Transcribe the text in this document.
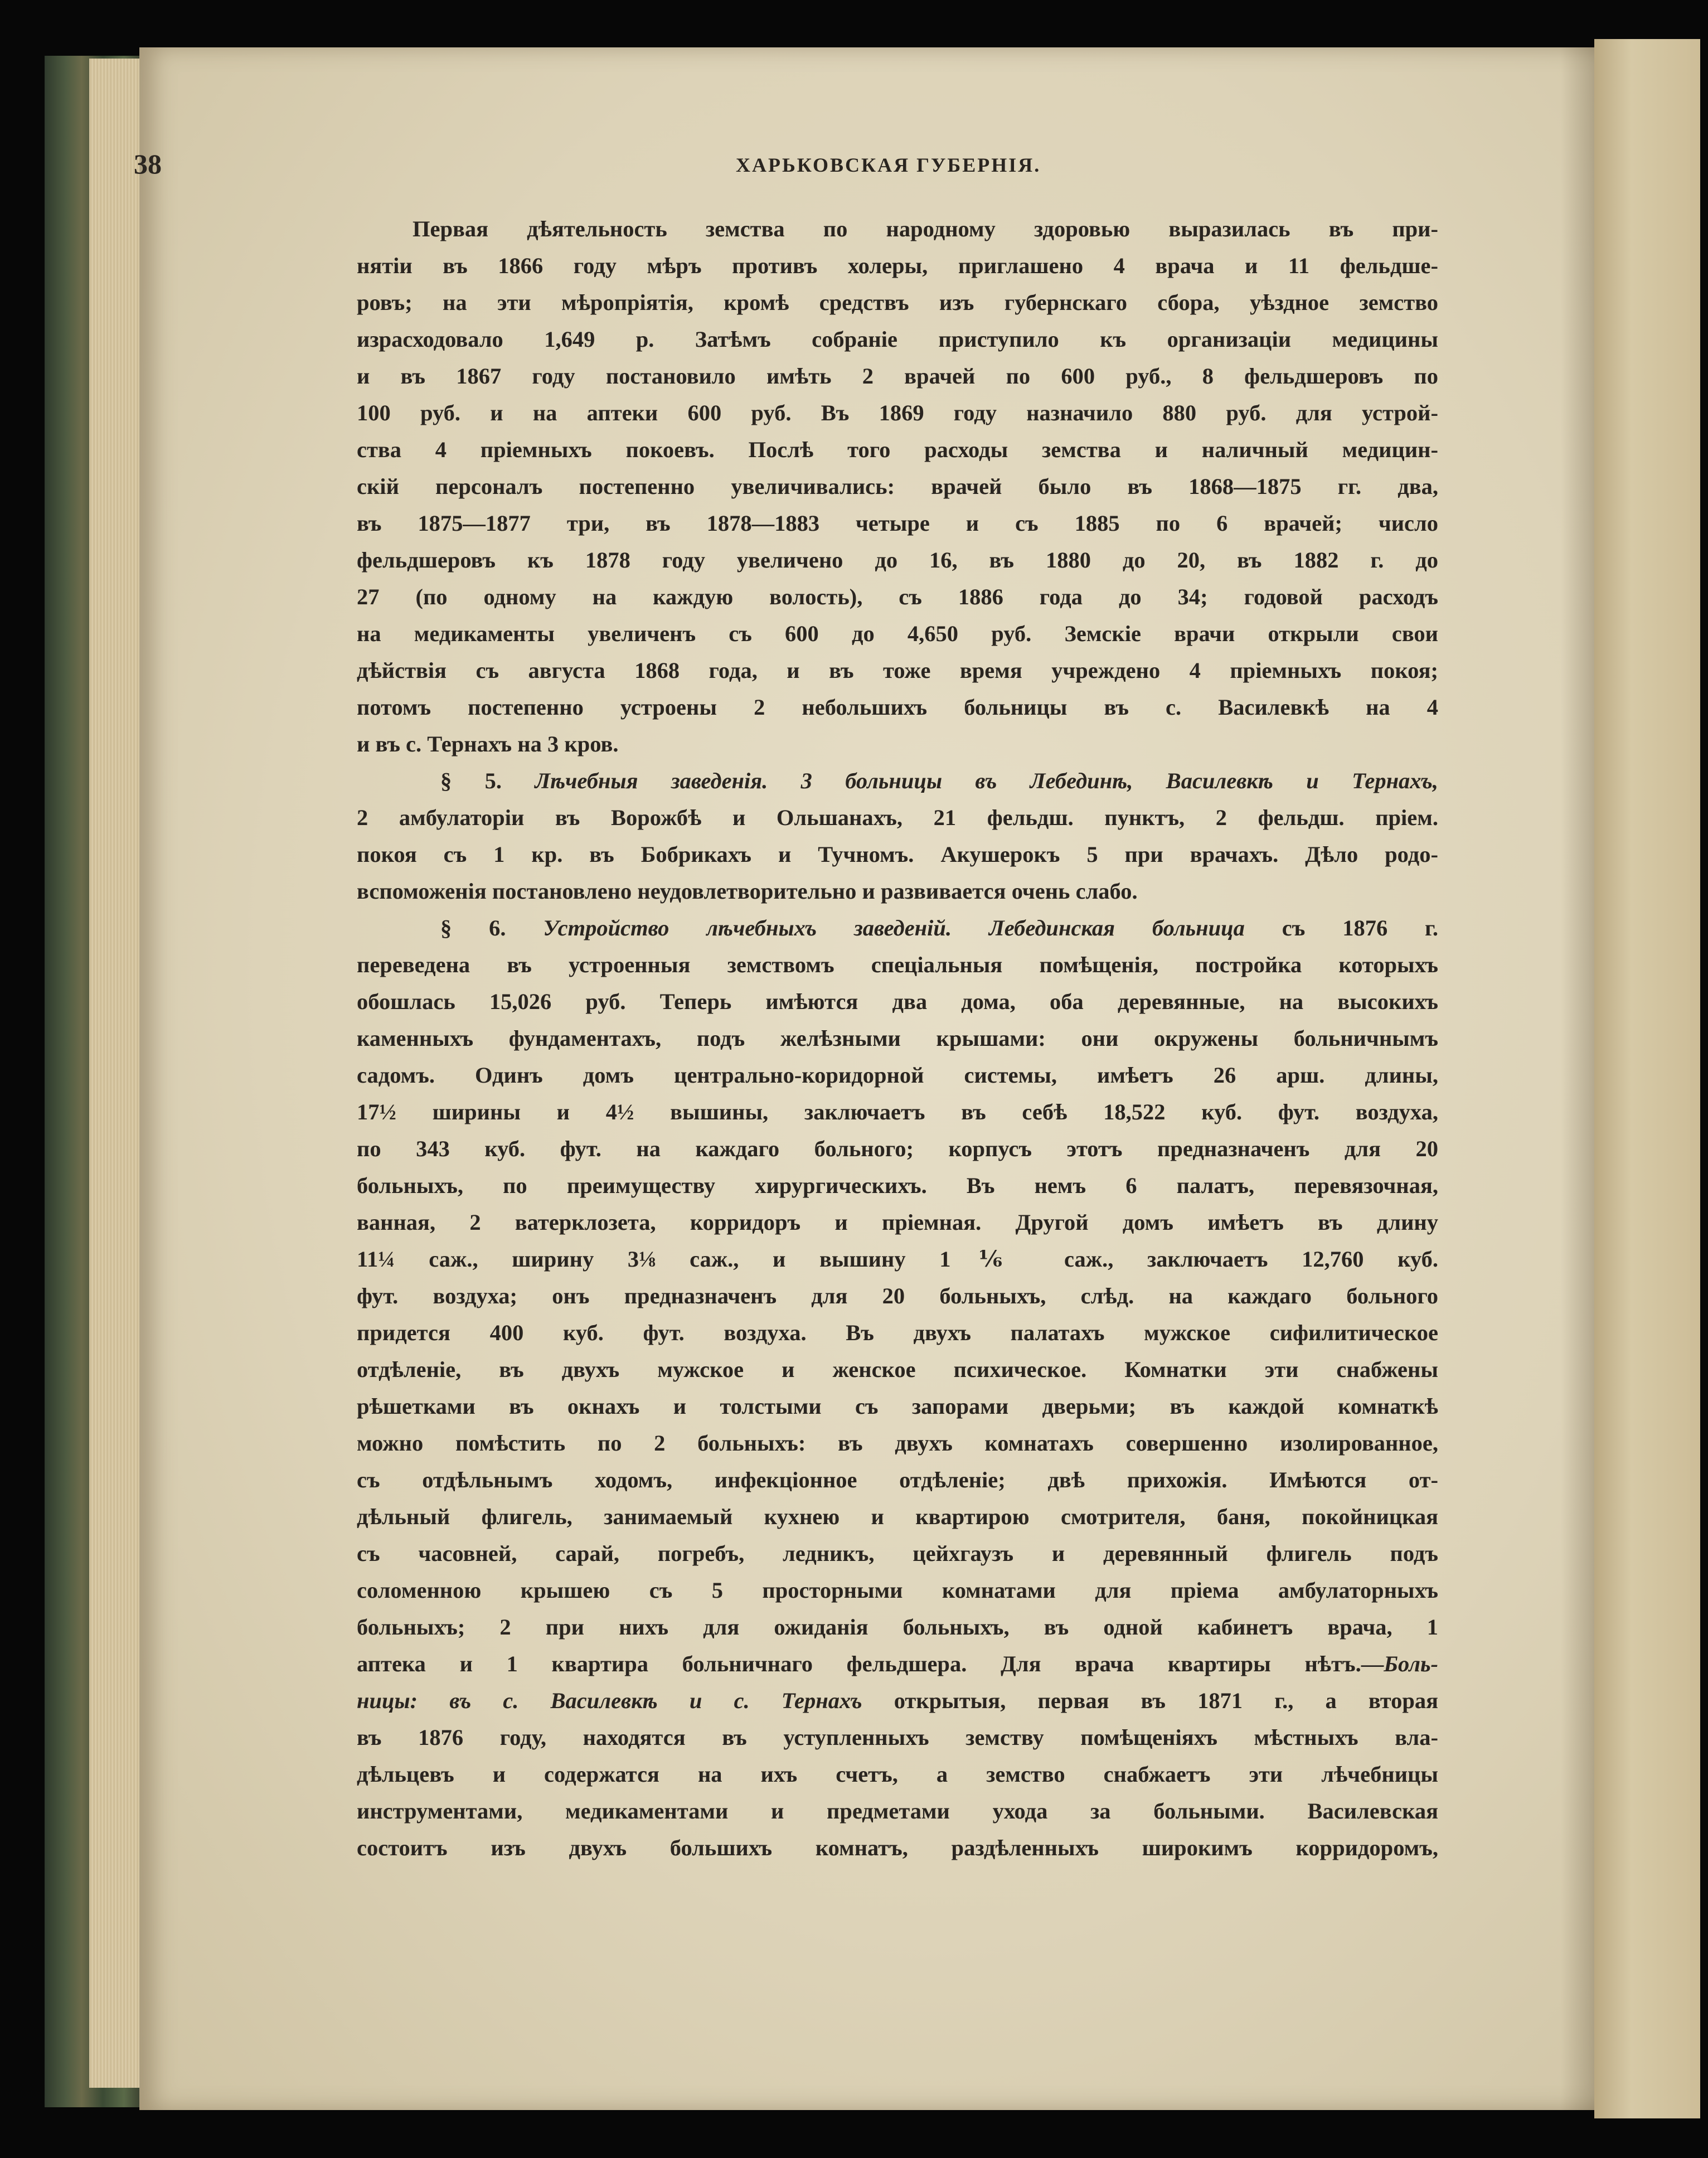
38	ХАРЬКОВСКАЯ ГУБЕРНІЯ.
Первая дѣятельность земства по народному здоровью выразилась въ при-
нятіи въ 1866 году мѣръ противъ холеры, приглашено 4 врача и 11 фельдше-
ровъ; на эти мѣропріятія, кромѣ средствъ изъ губернскаго сбора, уѣздное земство
израсходовало 1,649 р. Затѣмъ собраніе приступило къ организаціи медицины
и въ 1867 году постановило имѣть 2 врачей по 600 руб., 8 фельдшеровъ по
100 руб. и на аптеки 600 руб. Въ 1869 году назначило 880 руб. для устрой-
ства 4 пріемныхъ покоевъ. Послѣ того расходы земства и наличный медицин-
скій персоналъ постепенно увеличивались: врачей было въ 1868—1875 гг. два,
въ 1875—1877 три, въ 1878—1883 четыре и съ 1885 по 6 врачей; число
фельдшеровъ къ 1878 году увеличено до 16, въ 1880 до 20, въ 1882 г. до
27 (по одному на каждую волость), съ 1886 года до 34; годовой расходъ
на медикаменты увеличенъ съ 600 до 4,650 руб. Земскіе врачи открыли свои
дѣйствія съ августа 1868 года, и въ тоже время учреждено 4 пріемныхъ покоя;
потомъ постепенно устроены 2 небольшихъ больницы въ с. Василевкѣ на 4
и въ с. Тернахъ на 3 кров.
§ 5. Лѣчебныя заведенія. 3 больницы въ Лебединѣ, Василевкѣ и Тернахъ,
2 амбулаторіи въ Ворожбѣ и Ольшанахъ, 21 фельдш. пунктъ, 2 фельдш. пріем.
покоя съ 1 кр. въ Бобрикахъ и Тучномъ. Акушерокъ 5 при врачахъ. Дѣло родо-
вспоможенія постановлено неудовлетворительно и развивается очень слабо.
§ 6. Устройство лѣчебныхъ заведеній. Лебединская больница съ 1876 г.
переведена въ устроенныя земствомъ спеціальныя помѣщенія, постройка которыхъ
обошлась 15,026 руб. Теперь имѣются два дома, оба деревянные, на высокихъ
каменныхъ фундаментахъ, подъ желѣзными крышами: они окружены больничнымъ
садомъ. Одинъ домъ центрально-коридорной системы, имѣетъ 26 арш. длины,
17½ ширины и 4½ вышины, заключаетъ въ себѣ 18,522 куб. фут. воздуха,
по 343 куб. фут. на каждаго больного; корпусъ этотъ предназначенъ для 20
больныхъ, по преимуществу хирургическихъ. Въ немъ 6 палатъ, перевязочная,
ванная, 2 ватерклозета, корридоръ и пріемная. Другой домъ имѣетъ въ длину
11¼ саж., ширину 3⅛ саж., и вышину 1⅙ саж., заключаетъ 12,760 куб.
фут. воздуха; онъ предназначенъ для 20 больныхъ, слѣд. на каждаго больного
придется 400 куб. фут. воздуха. Въ двухъ палатахъ мужское сифилитическое
отдѣленіе, въ двухъ мужское и женское психическое. Комнатки эти снабжены
рѣшетками въ окнахъ и толстыми съ запорами дверьми; въ каждой комнаткѣ
можно помѣстить по 2 больныхъ: въ двухъ комнатахъ совершенно изолированное,
съ отдѣльнымъ ходомъ, инфекціонное отдѣленіе; двѣ прихожія. Имѣются от-
дѣльный флигель, занимаемый кухнею и квартирою смотрителя, баня, покойницкая
съ часовней, сарай, погребъ, ледникъ, цейхгаузъ и деревянный флигель подъ
соломенною крышею съ 5 просторными комнатами для пріема амбулаторныхъ
больныхъ; 2 при нихъ для ожиданія больныхъ, въ одной кабинетъ врача, 1
аптека и 1 квартира больничнаго фельдшера. Для врача квартиры нѣтъ.—Боль-
ницы: въ с. Василевкѣ и с. Тернахъ открытыя, первая въ 1871 г., а вторая
въ 1876 году, находятся въ уступленныхъ земству помѣщеніяхъ мѣстныхъ вла-
дѣльцевъ и содержатся на ихъ счетъ, а земство снабжаетъ эти лѣчебницы
инструментами, медикаментами и предметами ухода за больными. Василевская
состоитъ изъ двухъ большихъ комнатъ, раздѣленныхъ широкимъ корридоромъ,
